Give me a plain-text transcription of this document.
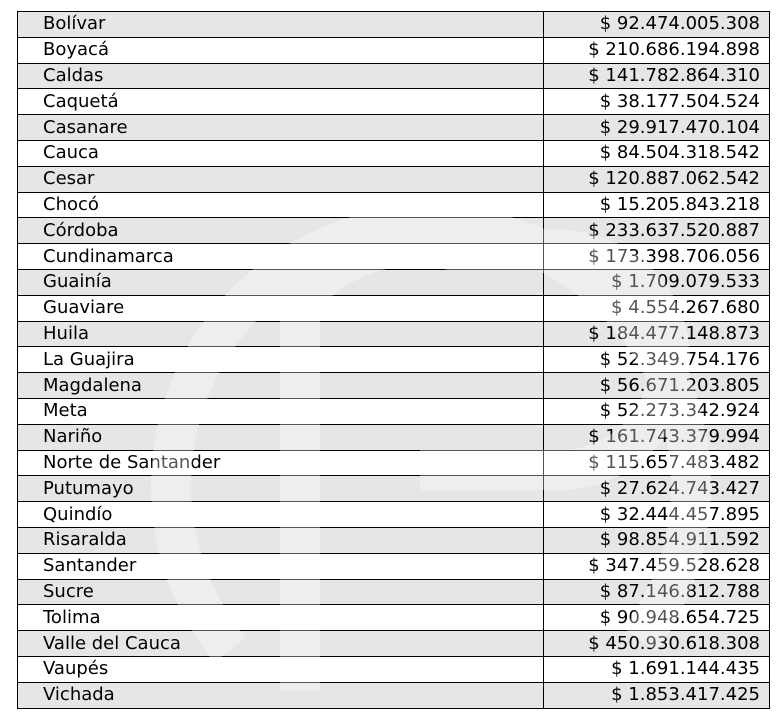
Bolívar	$ 92.474.005.308
Boyacá	$ 210.686.194.898
Caldas	$ 141.782.864.310
Caquetá	$ 38.177.504.524
Casanare	$ 29.917.470.104
Cauca	$ 84.504.318.542
Cesar	$ 120.887.062.542
Chocó	$ 15.205.843.218
Córdoba	$ 233.637.520.887
Cundinamarca	$ 173.398.706.056
Guainía	$ 1.709.079.533
Guaviare	$ 4.554.267.680
Huila	$ 184.477.148.873
La Guajira	$ 52.349.754.176
Magdalena	$ 56.671.203.805
Meta	$ 52.273.342.924
Nariño	$ 161.743.379.994
Norte de Santander	$ 115.657.483.482
Putumayo	$ 27.624.743.427
Quindío	$ 32.444.457.895
Risaralda	$ 98.854.911.592
Santander	$ 347.459.528.628
Sucre	$ 87.146.812.788
Tolima	$ 90.948.654.725
Valle del Cauca	$ 450.930.618.308
Vaupés	$ 1.691.144.435
Vichada	$ 1.853.417.425
